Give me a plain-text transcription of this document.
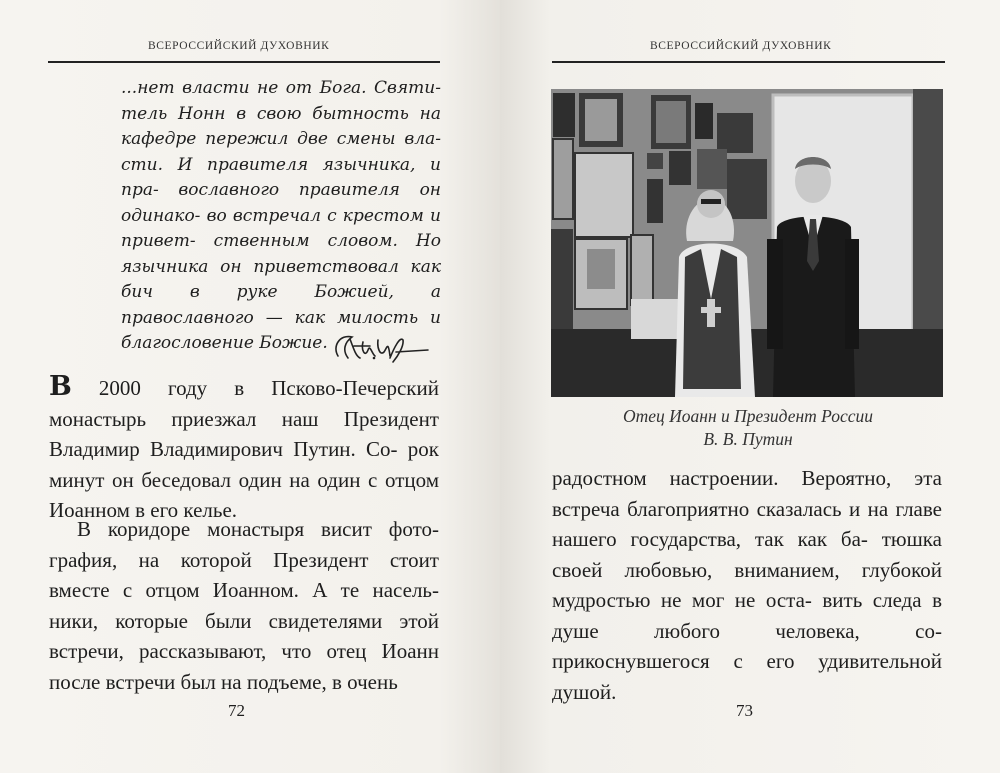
ВСЕРОССИЙСКИЙ ДУХОВНИК
...нет власти не от Бога. Святи- тель Нонн в свою бытность на кафедре пережил две смены вла- сти. И правителя язычника, и пра- вославного правителя он одинако- во встречал с крестом и привет- ственным словом. Но язычника он приветствовал как бич в руке Божией, а православного — как милость и благословение Божие.

В 2000 году в Псково-Печерский монастырь приезжал наш Президент Владимир Владимирович Путин. Со- рок минут он беседовал один на один с отцом Иоанном в его келье.

В коридоре монастыря висит фото- графия, на которой Президент стоит вместе с отцом Иоанном. А те насель- ники, которые были свидетелями этой встречи, рассказывают, что отец Иоанн после встречи был на подъеме, в очень

72
ВСЕРОССИЙСКИЙ ДУХОВНИК
Отец Иоанн и Президент России
В. В. Путин

радостном настроении. Вероятно, эта встреча благоприятно сказалась и на главе нашего государства, так как ба- тюшка своей любовью, вниманием, глубокой мудростью не мог не оста- вить следа в душе любого человека, со- прикоснувшегося с его удивительной душой.

73
